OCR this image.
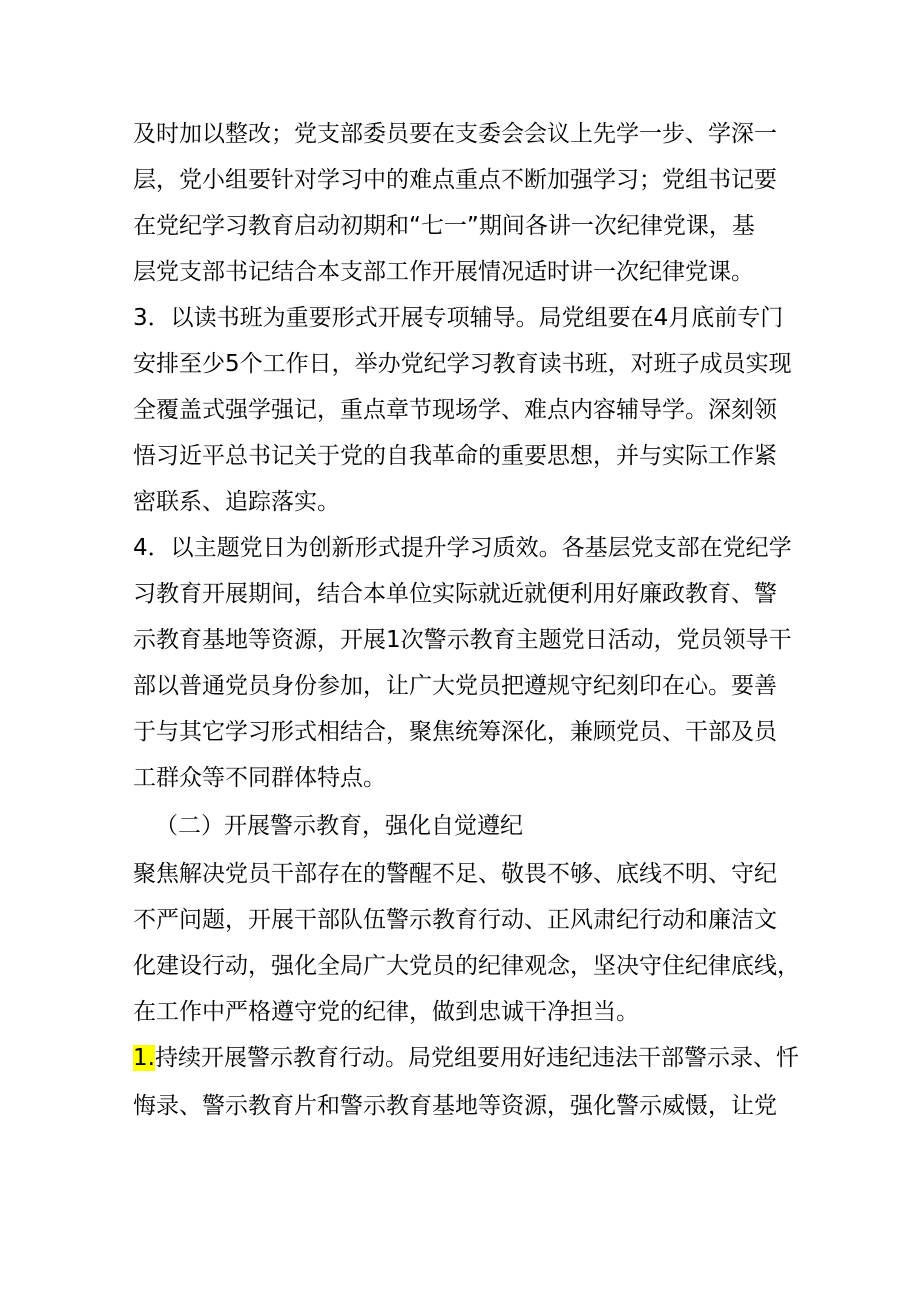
及时加以整改；党支部委员要在支委会会议上先学一步、学深一
层，党小组要针对学习中的难点重点不断加强学习；党组书记要
在党纪学习教育启动初期和“七一”期间各讲一次纪律党课，基
层党支部书记结合本支部工作开展情况适时讲一次纪律党课。
3．以读书班为重要形式开展专项辅导。局党组要在4月底前专门
安排至少5个工作日，举办党纪学习教育读书班，对班子成员实现
全覆盖式强学强记，重点章节现场学、难点内容辅导学。深刻领
悟习近平总书记关于党的自我革命的重要思想，并与实际工作紧
密联系、追踪落实。
4．以主题党日为创新形式提升学习质效。各基层党支部在党纪学
习教育开展期间，结合本单位实际就近就便利用好廉政教育、警
示教育基地等资源，开展1次警示教育主题党日活动，党员领导干
部以普通党员身份参加，让广大党员把遵规守纪刻印在心。要善
于与其它学习形式相结合，聚焦统筹深化，兼顾党员、干部及员
工群众等不同群体特点。
（二）开展警示教育，强化自觉遵纪
聚焦解决党员干部存在的警醒不足、敬畏不够、底线不明、守纪
不严问题，开展干部队伍警示教育行动、正风肃纪行动和廉洁文
化建设行动，强化全局广大党员的纪律观念，坚决守住纪律底线，
在工作中严格遵守党的纪律，做到忠诚干净担当。
1.持续开展警示教育行动。局党组要用好违纪违法干部警示录、忏
悔录、警示教育片和警示教育基地等资源，强化警示威慑，让党
